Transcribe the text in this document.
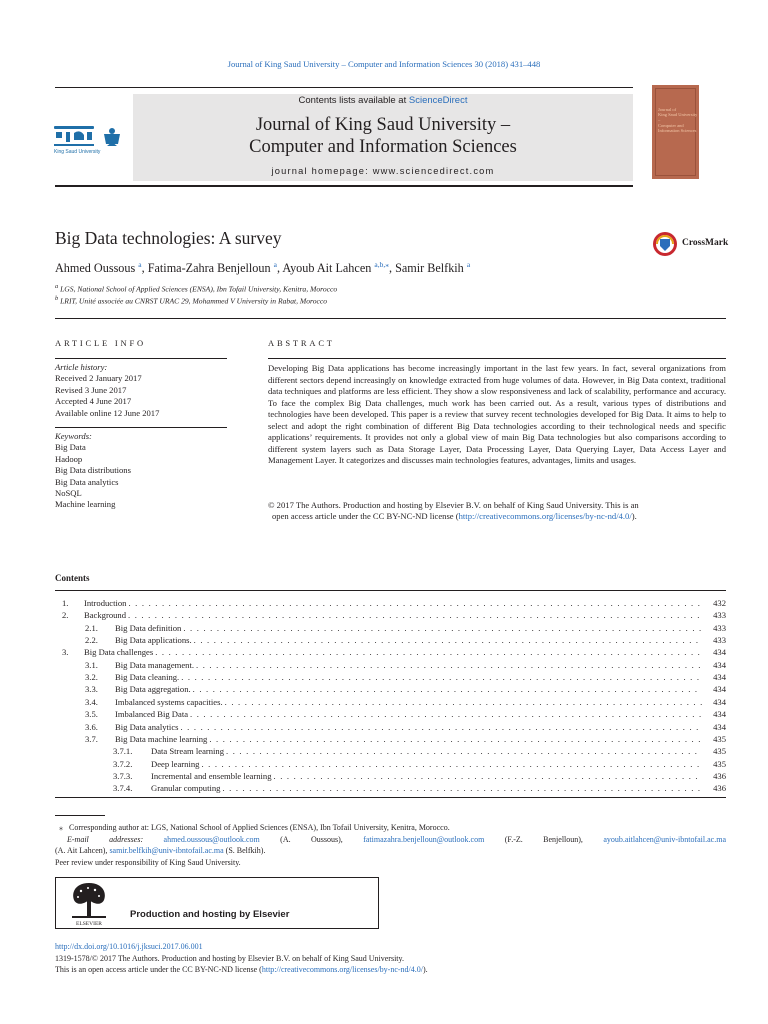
Journal of King Saud University – Computer and Information Sciences 30 (2018) 431–448
King Saud University
Contents lists available at ScienceDirect
Journal of King Saud University –
Computer and Information Sciences
journal homepage: www.sciencedirect.com
Journal of
King Saud University –
Computer and
Information Sciences
Big Data technologies: A survey	CrossMark
Ahmed Oussous $^a$, Fatima-Zahra Benjelloun $^a$, Ayoub Ait Lahcen $^{a,b,⁎}$, Samir Belfkih $^a$
$^a$ LGS, National School of Applied Sciences (ENSA), Ibn Tofail University, Kenitra, Morocco
$^b$ LRIT, Unité associée au CNRST URAC 29, Mohammed V University in Rabat, Morocco
ARTICLE INFO
Article history:
Received 2 January 2017
Revised 3 June 2017
Accepted 4 June 2017
Available online 12 June 2017
Keywords:
Big Data
Hadoop
Big Data distributions
Big Data analytics
NoSQL
Machine learning
ABSTRACT
Developing Big Data applications has become increasingly important in the last few years. In fact, several organizations from different sectors depend increasingly on knowledge extracted from huge volumes of data. However, in Big Data context, traditional data techniques and platforms are less efficient. They show a slow responsiveness and lack of scalability, performance and accuracy. To face the complex Big Data challenges, much work has been carried out. As a result, various types of distributions and technologies have been developed. This paper is a review that survey recent technologies developed for Big Data. It aims to help to select and adopt the right combination of different Big Data technologies according to their technological needs and specific applications’ requirements. It provides not only a global view of main Big Data technologies but also comparisons according to different system layers such as Data Storage Layer, Data Processing Layer, Data Querying Layer, Data Access Layer and Management Layer. It categorizes and discusses main technologies features, advantages, limits and usages.
© 2017 The Authors. Production and hosting by Elsevier B.V. on behalf of King Saud University. This is an
open access article under the CC BY-NC-ND license (http://creativecommons.org/licenses/by-nc-nd/4.0/).
Contents
1.	Introduction . . .	432
2.	Background . . .	433
2.1.	Big Data definition . . .	433
2.2.	Big Data applications. . . .	433
3.	Big Data challenges . . .	434
3.1.	Big Data management. . . .	434
3.2.	Big Data cleaning. . . .	434
3.3.	Big Data aggregation. . . .	434
3.4.	Imbalanced systems capacities. . . .	434
3.5.	Imbalanced Big Data . . .	434
3.6.	Big Data analytics . . .	434
3.7.	Big Data machine learning . . .	435
3.7.1.	Data Stream learning . . .	435
3.7.2.	Deep learning . . .	435
3.7.3.	Incremental and ensemble learning . . .	436
3.7.4.	Granular computing . . .	436
⁎ Corresponding author at: LGS, National School of Applied Sciences (ENSA), Ibn Tofail University, Kenitra, Morocco.
E-mail addresses:	ahmed.oussous@outlook.com	(A. Oussous),	fatimazahra.benjelloun@outlook.com	(F.-Z. Benjelloun),	ayoub.aitlahcen@univ-ibntofail.ac.ma
(A. Ait Lahcen), samir.belfkih@univ-ibntofail.ac.ma (S. Belfkih).
Peer review under responsibility of King Saud University.
ELSEVIER
Production and hosting by Elsevier
http://dx.doi.org/10.1016/j.jksuci.2017.06.001
1319-1578/© 2017 The Authors. Production and hosting by Elsevier B.V. on behalf of King Saud University.
This is an open access article under the CC BY-NC-ND license (http://creativecommons.org/licenses/by-nc-nd/4.0/).
